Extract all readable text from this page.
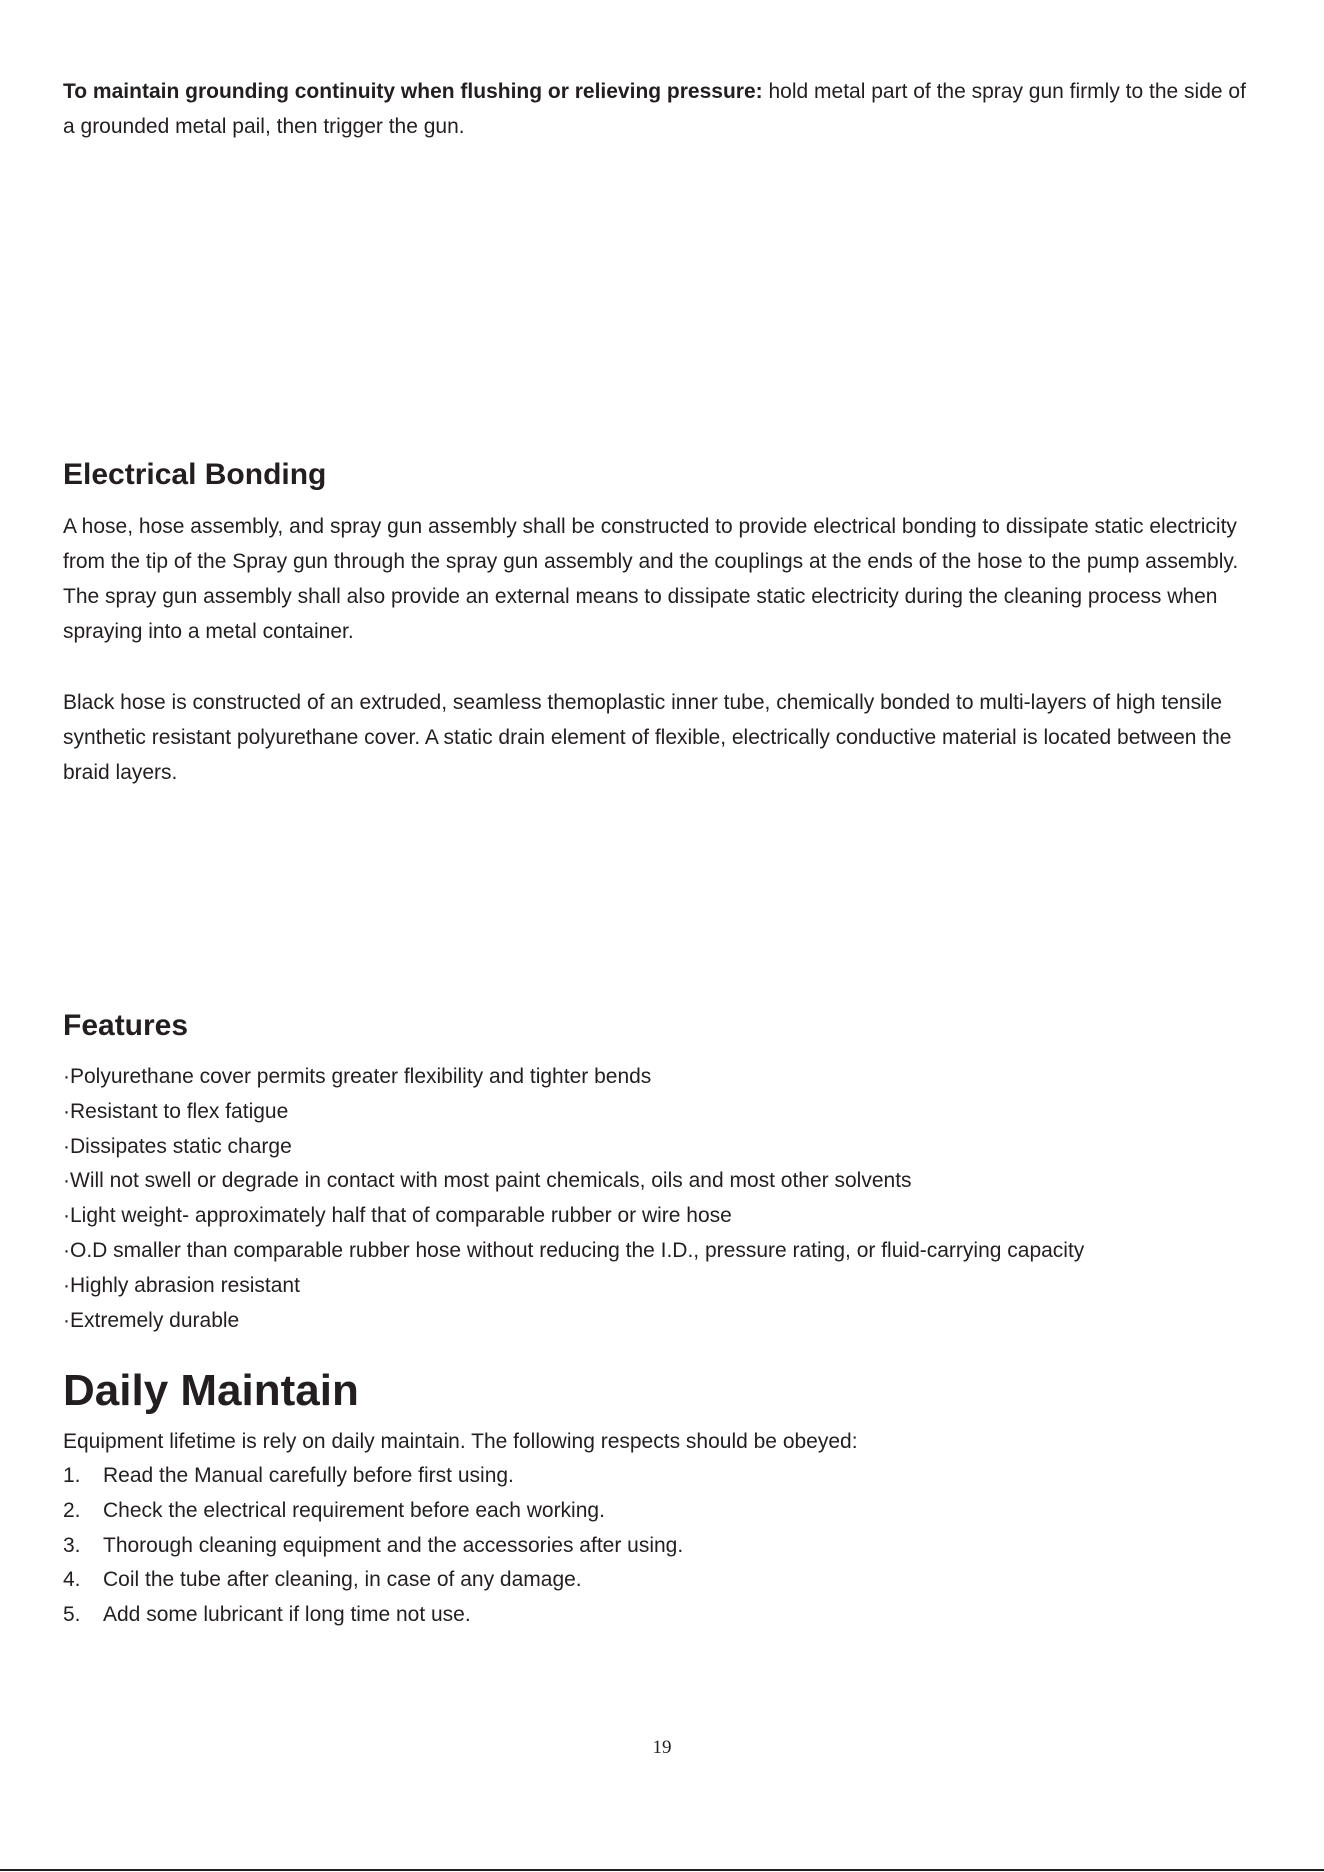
To maintain grounding continuity when flushing or relieving pressure: hold metal part of the spray gun firmly to the side of a grounded metal pail, then trigger the gun.

Electrical Bonding

A hose, hose assembly, and spray gun assembly shall be constructed to provide electrical bonding to dissipate static electricity from the tip of the Spray gun through the spray gun assembly and the couplings at the ends of the hose to the pump assembly. The spray gun assembly shall also provide an external means to dissipate static electricity during the cleaning process when spraying into a metal container.

Black hose is constructed of an extruded, seamless themoplastic inner tube, chemically bonded to multi-layers of high tensile synthetic resistant polyurethane cover. A static drain element of flexible, electrically conductive material is located between the braid layers.

Features
·Polyurethane cover permits greater flexibility and tighter bends
·Resistant to flex fatigue
·Dissipates static charge
·Will not swell or degrade in contact with most paint chemicals, oils and most other solvents
·Light weight- approximately half that of comparable rubber or wire hose
·O.D smaller than comparable rubber hose without reducing the I.D., pressure rating, or fluid-carrying capacity
·Highly abrasion resistant
·Extremely durable
Daily Maintain

Equipment lifetime is rely on daily maintain. The following respects should be obeyed:

1. Read the Manual carefully before first using.
2. Check the electrical requirement before each working.
3. Thorough cleaning equipment and the accessories after using.
4. Coil the tube after cleaning, in case of any damage.
5. Add some lubricant if long time not use.
19
